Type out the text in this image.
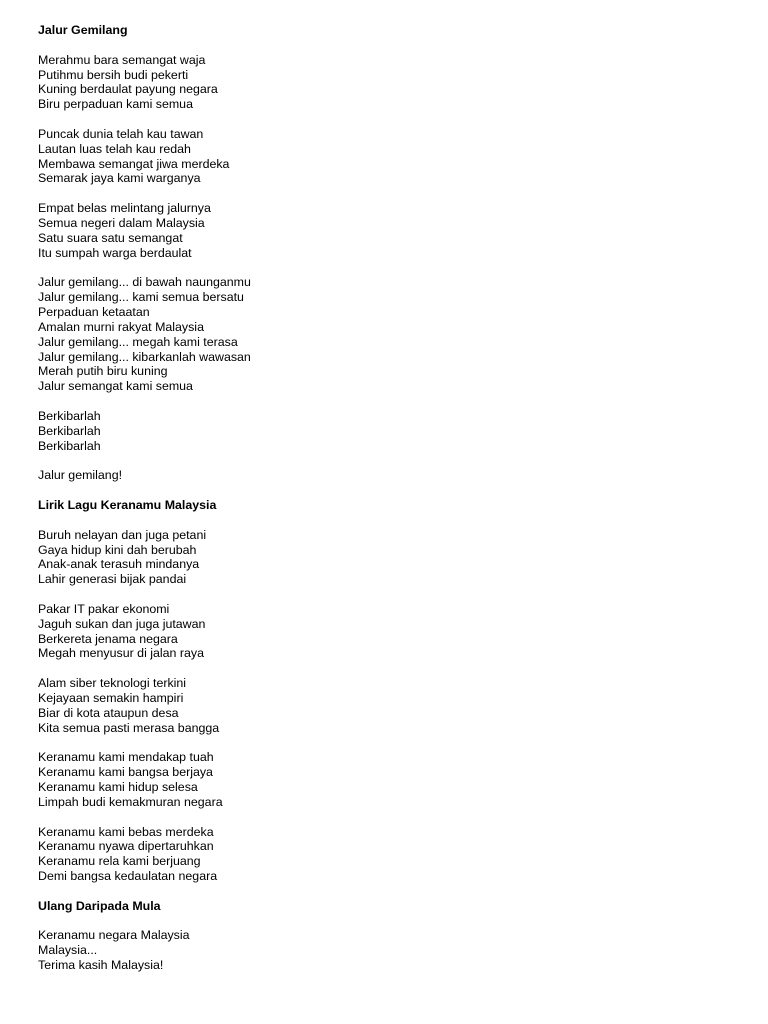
Jalur Gemilang
Merahmu bara semangat waja
Putihmu bersih budi pekerti
Kuning berdaulat payung negara
Biru perpaduan kami semua
Puncak dunia telah kau tawan
Lautan luas telah kau redah
Membawa semangat jiwa merdeka
Semarak jaya kami warganya
Empat belas melintang jalurnya
Semua negeri dalam Malaysia
Satu suara satu semangat
Itu sumpah warga berdaulat
Jalur gemilang... di bawah naunganmu
Jalur gemilang... kami semua bersatu
Perpaduan ketaatan
Amalan murni rakyat Malaysia
Jalur gemilang... megah kami terasa
Jalur gemilang... kibarkanlah wawasan
Merah putih biru kuning
Jalur semangat kami semua
Berkibarlah
Berkibarlah
Berkibarlah
Jalur gemilang!
Lirik Lagu Keranamu Malaysia
Buruh nelayan dan juga petani
Gaya hidup kini dah berubah
Anak-anak terasuh mindanya
Lahir generasi bijak pandai
Pakar IT pakar ekonomi
Jaguh sukan dan juga jutawan
Berkereta jenama negara
Megah menyusur di jalan raya
Alam siber teknologi terkini
Kejayaan semakin hampiri
Biar di kota ataupun desa
Kita semua pasti merasa bangga
Keranamu kami mendakap tuah
Keranamu kami bangsa berjaya
Keranamu kami hidup selesa
Limpah budi kemakmuran negara
Keranamu kami bebas merdeka
Keranamu nyawa dipertaruhkan
Keranamu rela kami berjuang
Demi bangsa kedaulatan negara
Ulang Daripada Mula
Keranamu negara Malaysia
Malaysia...
Terima kasih Malaysia!
